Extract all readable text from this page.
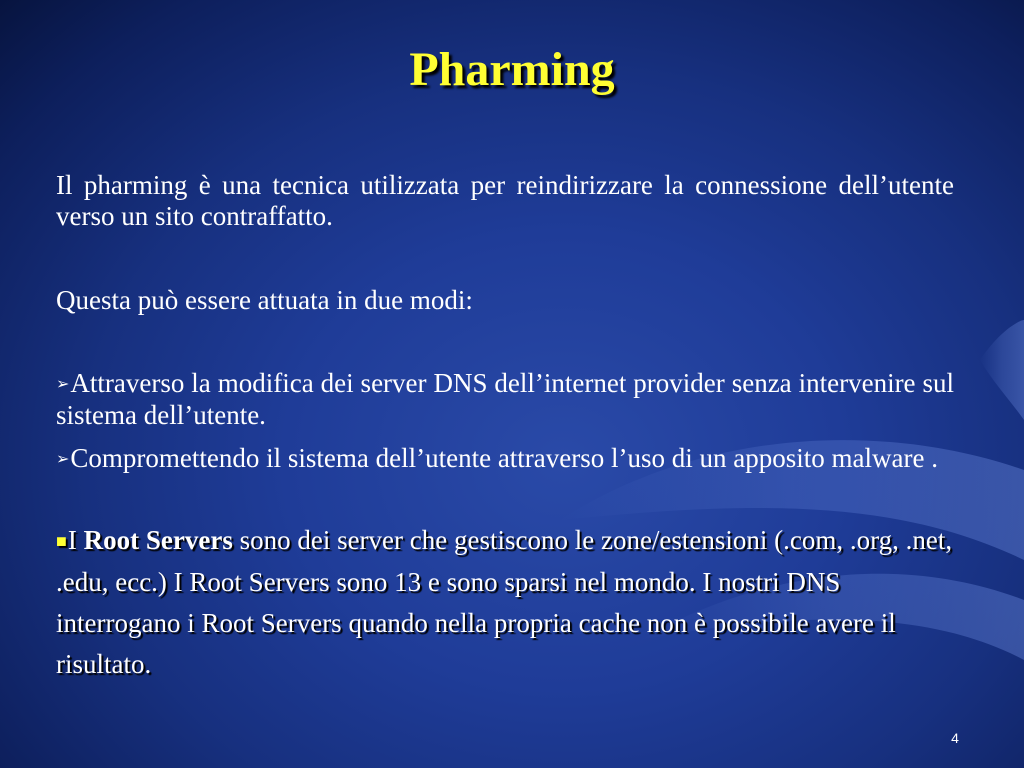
Pharming

Il pharming è una tecnica utilizzata per reindirizzare la connessione dell’utente verso un sito contraffatto.

Questa può essere attuata in due modi:

➢Attraverso la modifica dei server DNS dell’internet provider senza intervenire sul sistema dell’utente.

➢Compromettendo il sistema dell’utente attraverso l’uso di un apposito malware .

■I Root Servers sono dei server che gestiscono le zone/estensioni (.com, .org, .net, .edu, ecc.) I Root Servers sono 13 e sono sparsi nel mondo. I nostri DNS interrogano i Root Servers quando nella propria cache non è possibile avere il risultato.
4
